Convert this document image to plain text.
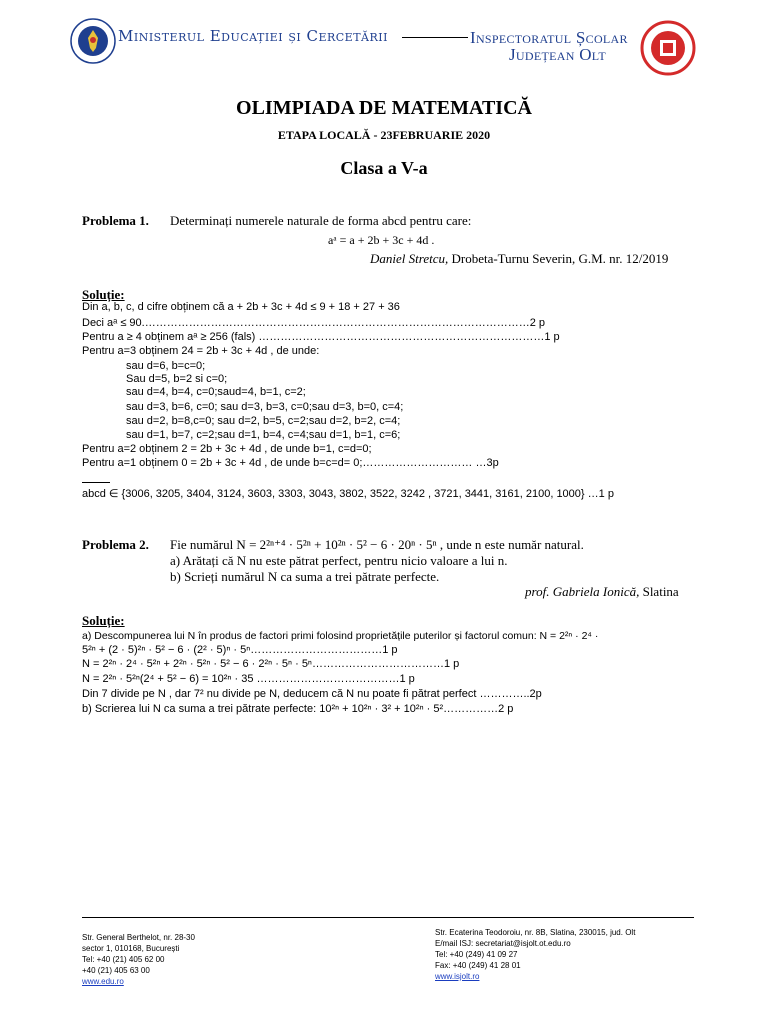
Ministerul Educației și Cercetării	Inspectoratul Școlar
Județean Olt
OLIMPIADA DE MATEMATICĂ
ETAPA LOCALĂ - 23FEBRUARIE 2020
Clasa a V-a
Problema 1. Determinați numerele naturale de forma abcd pentru care:
aᵃ = a + 2b + 3c + 4d .
Daniel Stretcu, Drobeta-Turnu Severin, G.M. nr. 12/2019
Soluție:
Din a, b, c, d cifre obținem că a + 2b + 3c + 4d ≤ 9 + 18 + 27 + 36
Deci aᵃ ≤ 90.……………………………………………………………………………………………2 p
Pentru a ≥ 4 obținem aᵃ ≥ 256 (fals) ……………………………………………………………………1 p
Pentru a=3 obținem 24 = 2b + 3c + 4d , de unde:
sau d=6, b=c=0;
Sau d=5, b=2 si c=0;
sau d=4, b=4, c=0;saud=4, b=1, c=2;
sau d=3, b=6, c=0; sau d=3, b=3, c=0;sau d=3, b=0, c=4;
sau d=2, b=8,c=0; sau d=2, b=5, c=2;sau d=2, b=2, c=4;
sau d=1, b=7, c=2;sau d=1, b=4, c=4;sau d=1, b=1, c=6;
Pentru a=2 obținem 2 = 2b + 3c + 4d , de unde b=1, c=d=0;
Pentru a=1 obținem 0 = 2b + 3c + 4d , de unde b=c=d= 0;………………………… …3p
abcd ∈ {3006, 3205, 3404, 3124, 3603, 3303, 3043, 3802, 3522, 3242 , 3721, 3441, 3161, 2100, 1000} …1 p
Problema 2. Fie numărul N = 2²ⁿ⁺⁴ · 5²ⁿ + 10²ⁿ · 5² − 6 · 20ⁿ · 5ⁿ , unde n este număr natural.
a) Arătați că N nu este pătrat perfect, pentru nicio valoare a lui n.
b) Scrieți numărul N ca suma a trei pătrate perfecte.
prof. Gabriela Ionică, Slatina
Soluție:
a) Descompunerea lui N în produs de factori primi folosind proprietățile puterilor și factorul comun: N = 2²ⁿ · 2⁴ ·
5²ⁿ + (2 · 5)²ⁿ · 5² − 6 · (2² · 5)ⁿ · 5ⁿ………………………………1 p
N = 2²ⁿ · 2⁴ · 5²ⁿ + 2²ⁿ · 5²ⁿ · 5² − 6 · 2²ⁿ · 5ⁿ · 5ⁿ………………………………1 p
N = 2²ⁿ · 5²ⁿ(2⁴ + 5² − 6) = 10²ⁿ · 35 …………………………………1 p
Din 7 divide pe N , dar 7² nu divide pe N, deducem că N nu poate fi pătrat perfect …………..2p
b) Scrierea lui N ca suma a trei pătrate perfecte: 10²ⁿ + 10²ⁿ · 3² + 10²ⁿ · 5²……………2 p
Str. General Berthelot, nr. 28-30
sector 1, 010168, București
Tel: +40 (21) 405 62 00
+40 (21) 405 63 00
www.edu.ro
Str. Ecaterina Teodoroiu, nr. 8B, Slatina, 230015, jud. Olt
E/mail ISJ: secretariat@isjolt.ot.edu.ro
Tel: +40 (249) 41 09 27
Fax: +40 (249) 41 28 01
www.isjolt.ro
